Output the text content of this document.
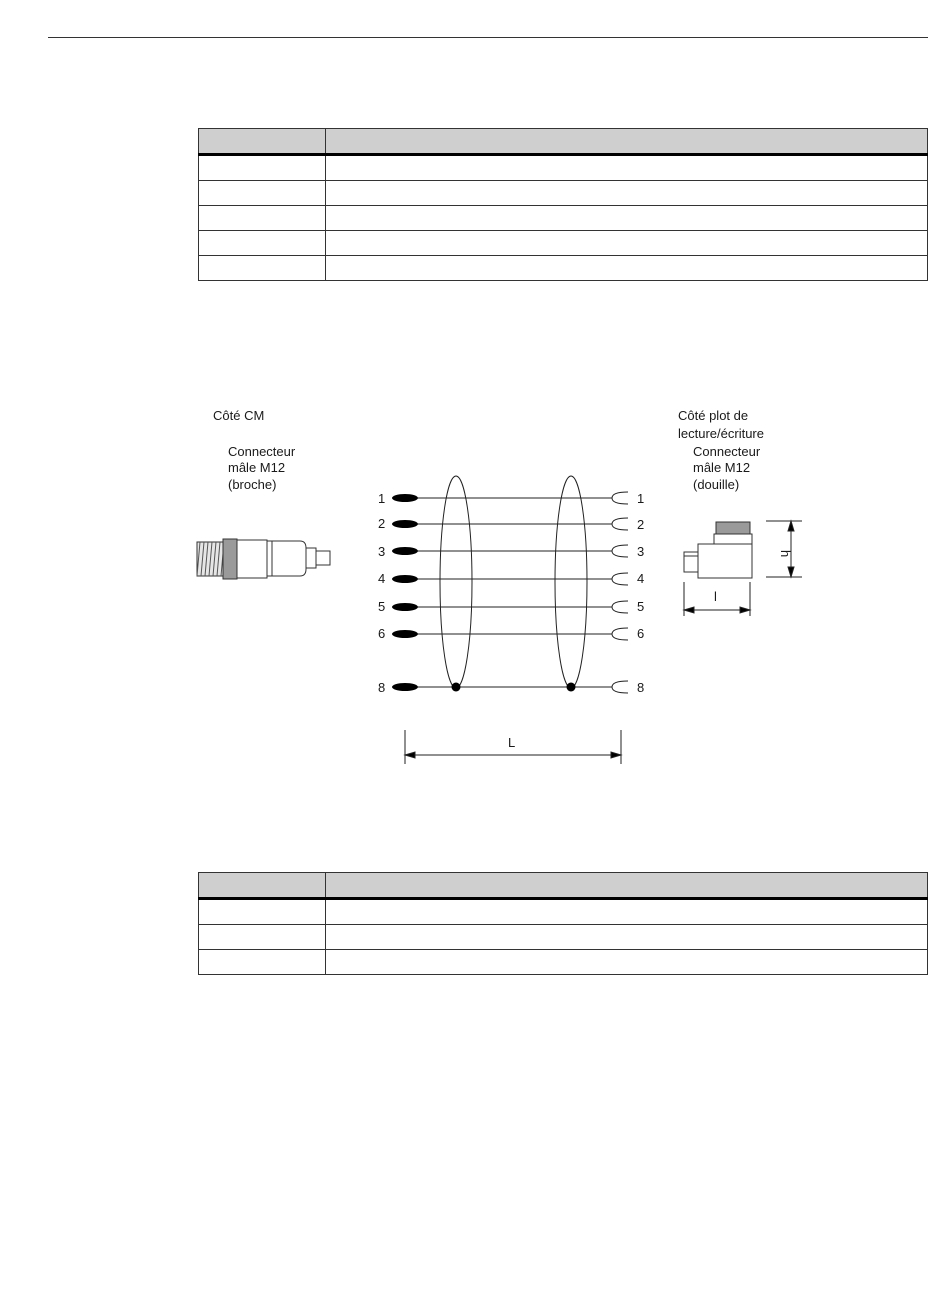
Côté CM
Connecteur
mâle M12
(broche)
1
2
3
4
5
6
8
1
2
3
4
5
6
8
L
Côté plot de
lecture/écriture
Connecteur
mâle M12
(douille)
h
l
